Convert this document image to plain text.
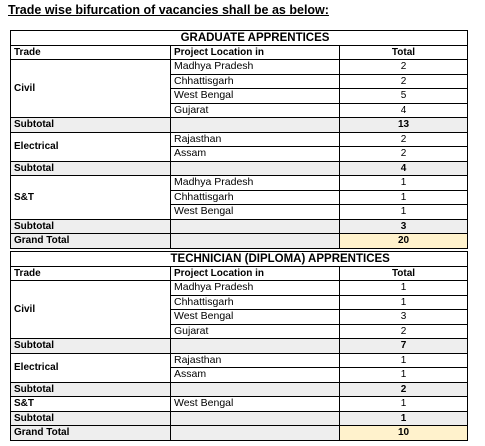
Trade wise bifurcation of vacancies shall be as below:
	GRADUATE APPRENTICES	
Trade	Project Location in	Total
Civil	Madhya Pradesh	2
	Chhattisgarh	2
	West Bengal	5
	Gujarat	4
Subtotal		13
Electrical	Rajasthan	2
	Assam	2
Subtotal		4
S&T	Madhya Pradesh	1
	Chhattisgarh	1
	West Bengal	1
Subtotal		3
Grand Total		20
	TECHNICIAN (DIPLOMA) APPRENTICES	
Trade	Project Location in	Total
Civil	Madhya Pradesh	1
	Chhattisgarh	1
	West Bengal	3
	Gujarat	2
Subtotal		7
Electrical	Rajasthan	1
	Assam	1
Subtotal		2
S&T	West Bengal	1
Subtotal		1
Grand Total		10
